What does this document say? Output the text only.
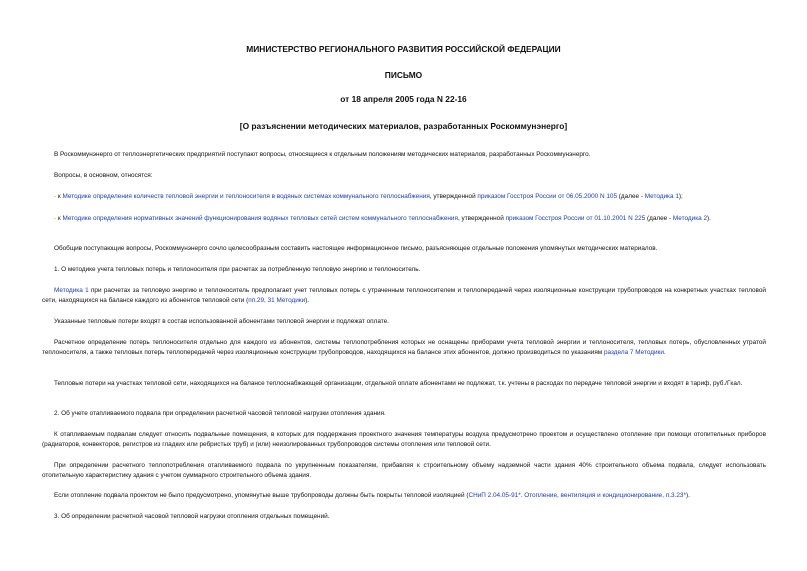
МИНИСТЕРСТВО РЕГИОНАЛЬНОГО РАЗВИТИЯ РОССИЙСКОЙ ФЕДЕРАЦИИ
ПИСЬМО
от 18 апреля 2005 года N 22-16
[О разъяснении методических материалов, разработанных Роскоммунэнерго]

В Роскоммунэнерго от теплоэнергетических предприятий поступают вопросы, относящиеся к отдельным положениям методических материалов, разработанных Роскоммунэнерго.

Вопросы, в основном, относятся:

- к Методике определения количеств тепловой энергии и теплоносителя в водяных системах коммунального теплоснабжения, утвержденной приказом Госстроя России от 06.05.2000 N 105 (далее - Методика 1);

- к Методике определения нормативных значений функционирования водяных тепловых сетей систем коммунального теплоснабжения, утвержденной приказом Госстроя России от 01.10.2001 N 225 (далее - Методика 2).

Обобщив поступающие вопросы, Роскоммунэнерго сочло целесообразным составить настоящее информационное письмо, разъясняющее отдельные положения упомянутых методических материалов.

1. О методике учета тепловых потерь и теплоносителя при расчетах за потребленную тепловую энергию и теплоноситель.

Методика 1 при расчетах за тепловую энергию и теплоноситель предполагает учет тепловых потерь с утраченным теплоносителем и теплопередачей через изоляционные конструкции трубопроводов на конкретных участках тепловой сети, находящихся на балансе каждого из абонентов тепловой сети (пп.29, 31 Методики).

Указанные тепловые потери входят в состав использованной абонентами тепловой энергии и подлежат оплате.

Расчетное определение потерь теплоносителя отдельно для каждого из абонентов, системы теплопотребления которых не оснащены приборами учета тепловой энергии и теплоносителя, тепловых потерь, обусловленных утратой теплоносителя, а также тепловых потерь теплопередачей через изоляционные конструкции трубопроводов, находящихся на балансе этих абонентов, должно производиться по указаниям раздела 7 Методики.

Тепловые потери на участках тепловой сети, находящихся на балансе теплоснабжающей организации, отдельной оплате абонентами не подлежат, т.к. учтены в расходах по передаче тепловой энергии и входят в тариф, руб./Гкал.

2. Об учете отапливаемого подвала при определении расчетной часовой тепловой нагрузки отопления здания.

К отапливаемым подвалам следует относить подвальные помещения, в которых для поддержания проектного значения температуры воздуха предусмотрено проектом и осуществлено отопление при помощи отопительных приборов (радиаторов, конвекторов, регистров из гладких или ребристых труб) и (или) неизолированных трубопроводов системы отопления или тепловой сети.

При определении расчетного теплопотребления отапливаемого подвала по укрупненным показателям, прибавляя к строительному объему надземной части здания 40% строительного объема подвала, следует использовать отопительную характеристику здания с учетом суммарного строительного объема здания.

Если отопление подвала проектом не было предусмотрено, упомянутые выше трубопроводы должны быть покрыты тепловой изоляцией (СНиП 2.04.05-91*. Отопление, вентиляция и кондиционирование, п.3.23*).

3. Об определении расчетной часовой тепловой нагрузки отопления отдельных помещений.
